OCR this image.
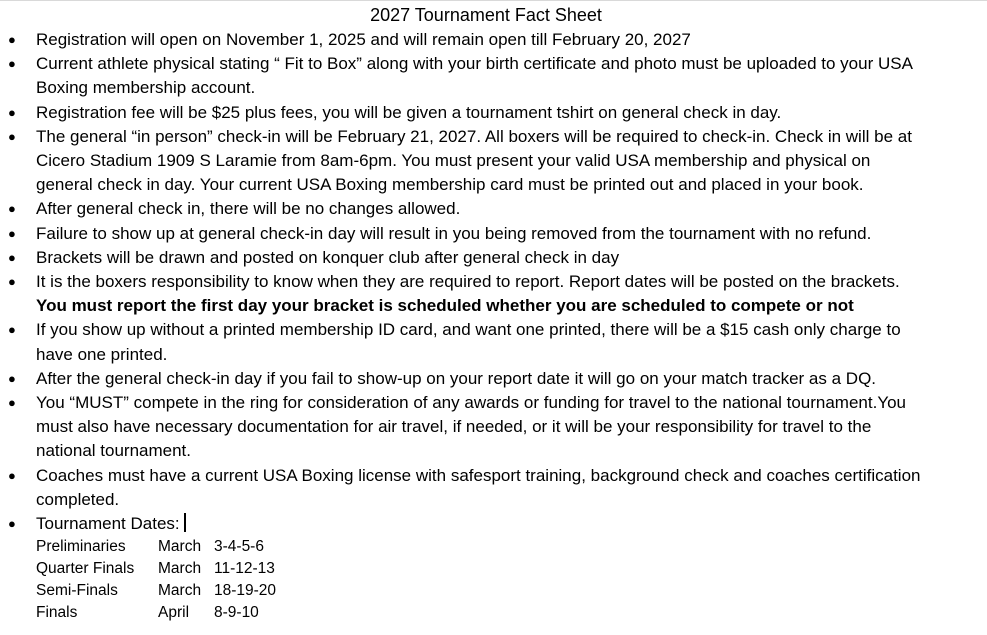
2027 Tournament Fact Sheet
● Registration will open on November 1, 2025 and will remain open till February 20, 2027
● Current athlete physical stating “ Fit to Box” along with your birth certificate and photo must be uploaded to your USA
Boxing membership account.
● Registration fee will be $25 plus fees, you will be given a tournament tshirt on general check in day.
● The general “in person” check-in will be February 21, 2027. All boxers will be required to check-in. Check in will be at
Cicero Stadium 1909 S Laramie from 8am-6pm. You must present your valid USA membership and physical on
general check in day. Your current USA Boxing membership card must be printed out and placed in your book.
● After general check in, there will be no changes allowed.
● Failure to show up at general check-in day will result in you being removed from the tournament with no refund.
● Brackets will be drawn and posted on konquer club after general check in day
● It is the boxers responsibility to know when they are required to report. Report dates will be posted on the brackets.
You must report the first day your bracket is scheduled whether you are scheduled to compete or not
● If you show up without a printed membership ID card, and want one printed, there will be a $15 cash only charge to
have one printed.
● After the general check-in day if you fail to show-up on your report date it will go on your match tracker as a DQ.
● You “MUST” compete in the ring for consideration of any awards or funding for travel to the national tournament.You
must also have necessary documentation for air travel, if needed, or it will be your responsibility for travel to the
national tournament.
● Coaches must have a current USA Boxing license with safesport training, background check and coaches certification
completed.
● Tournament Dates:
Preliminaries	March	3-4-5-6
Quarter Finals	March	11-12-13
Semi-Finals	March	18-19-20
Finals	April	8-9-10
